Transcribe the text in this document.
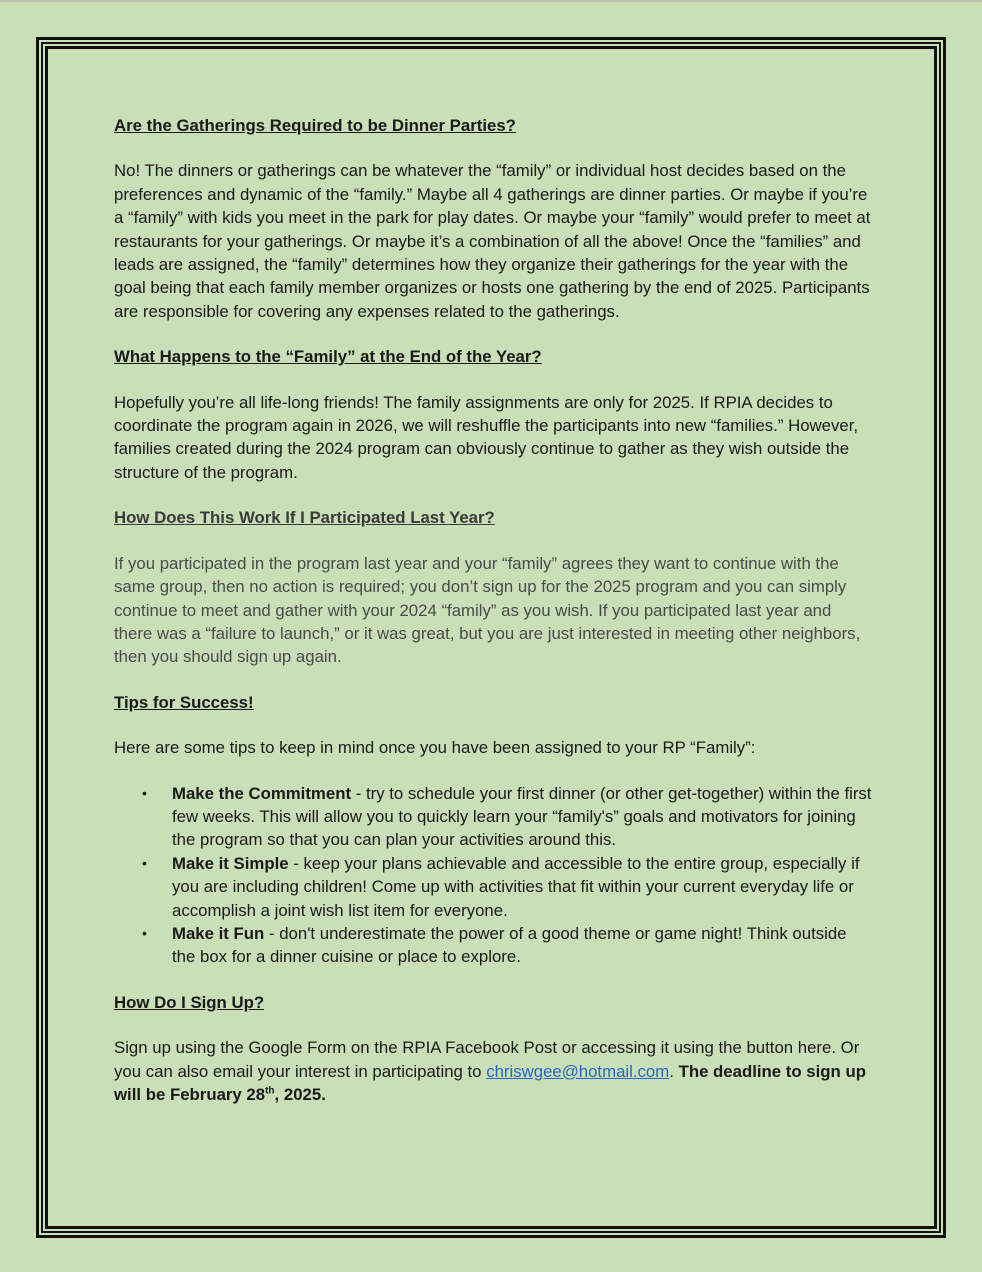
Are the Gatherings Required to be Dinner Parties?

No! The dinners or gatherings can be whatever the “family” or individual host decides based on the preferences and dynamic of the “family.” Maybe all 4 gatherings are dinner parties. Or maybe if you’re a “family” with kids you meet in the park for play dates. Or maybe your “family” would prefer to meet at restaurants for your gatherings. Or maybe it’s a combination of all the above! Once the “families” and leads are assigned, the “family” determines how they organize their gatherings for the year with the goal being that each family member organizes or hosts one gathering by the end of 2025. Participants are responsible for covering any expenses related to the gatherings.

What Happens to the “Family” at the End of the Year?

Hopefully you’re all life-long friends! The family assignments are only for 2025. If RPIA decides to coordinate the program again in 2026, we will reshuffle the participants into new “families.” However, families created during the 2024 program can obviously continue to gather as they wish outside the structure of the program.

How Does This Work If I Participated Last Year?

If you participated in the program last year and your “family” agrees they want to continue with the same group, then no action is required; you don’t sign up for the 2025 program and you can simply continue to meet and gather with your 2024 “family” as you wish. If you participated last year and there was a “failure to launch,” or it was great, but you are just interested in meeting other neighbors, then you should sign up again.

Tips for Success!

Here are some tips to keep in mind once you have been assigned to your RP “Family”:

• Make the Commitment - try to schedule your first dinner (or other get-together) within the first few weeks. This will allow you to quickly learn your “family's” goals and motivators for joining the program so that you can plan your activities around this.
• Make it Simple - keep your plans achievable and accessible to the entire group, especially if you are including children! Come up with activities that fit within your current everyday life or accomplish a joint wish list item for everyone.
• Make it Fun - don't underestimate the power of a good theme or game night! Think outside the box for a dinner cuisine or place to explore.
How Do I Sign Up?

Sign up using the Google Form on the RPIA Facebook Post or accessing it using the button here. Or you can also email your interest in participating to chriswgee@hotmail.com. The deadline to sign up will be February 28th, 2025.
